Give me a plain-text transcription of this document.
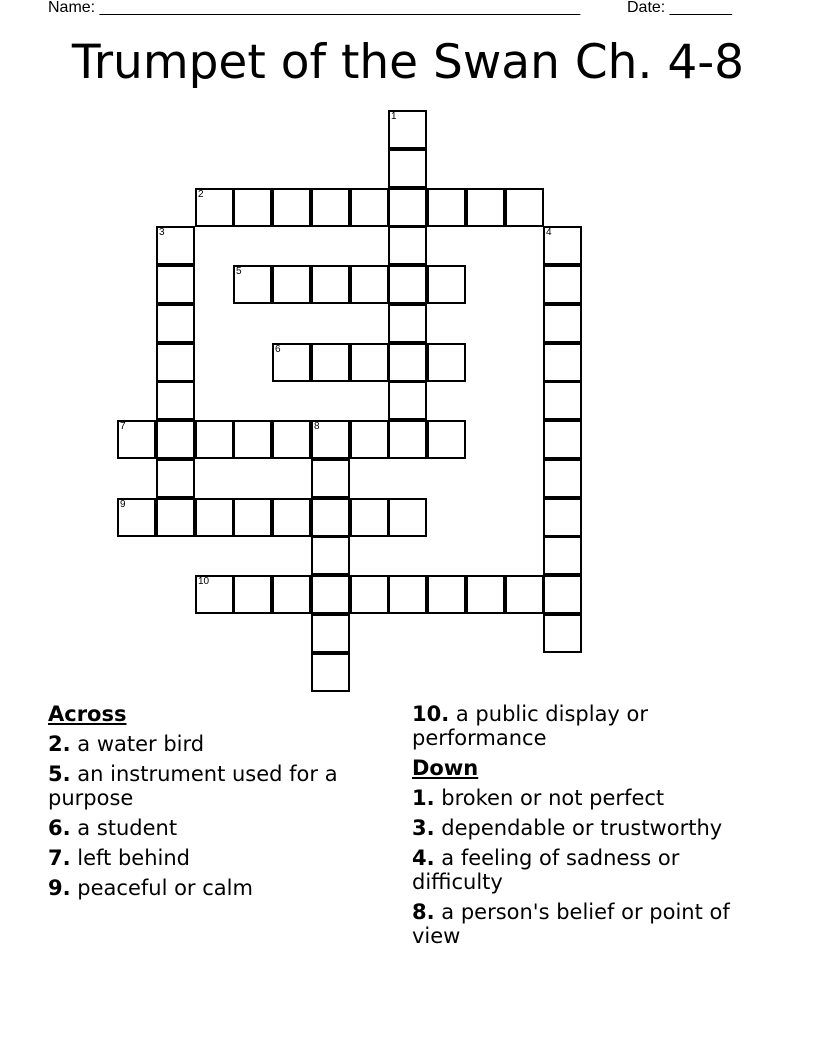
Name: ______________________________________________________	Date: _______
Trumpet of the Swan Ch. 4-8
1
2
3	4
5
6
7	8
9
10
Across
2. a water bird
5. an instrument used for a purpose
6. a student
7. left behind
9. peaceful or calm
10. a public display or performance
Down
1. broken or not perfect
3. dependable or trustworthy
4. a feeling of sadness or difficulty
8. a person's belief or point of view
